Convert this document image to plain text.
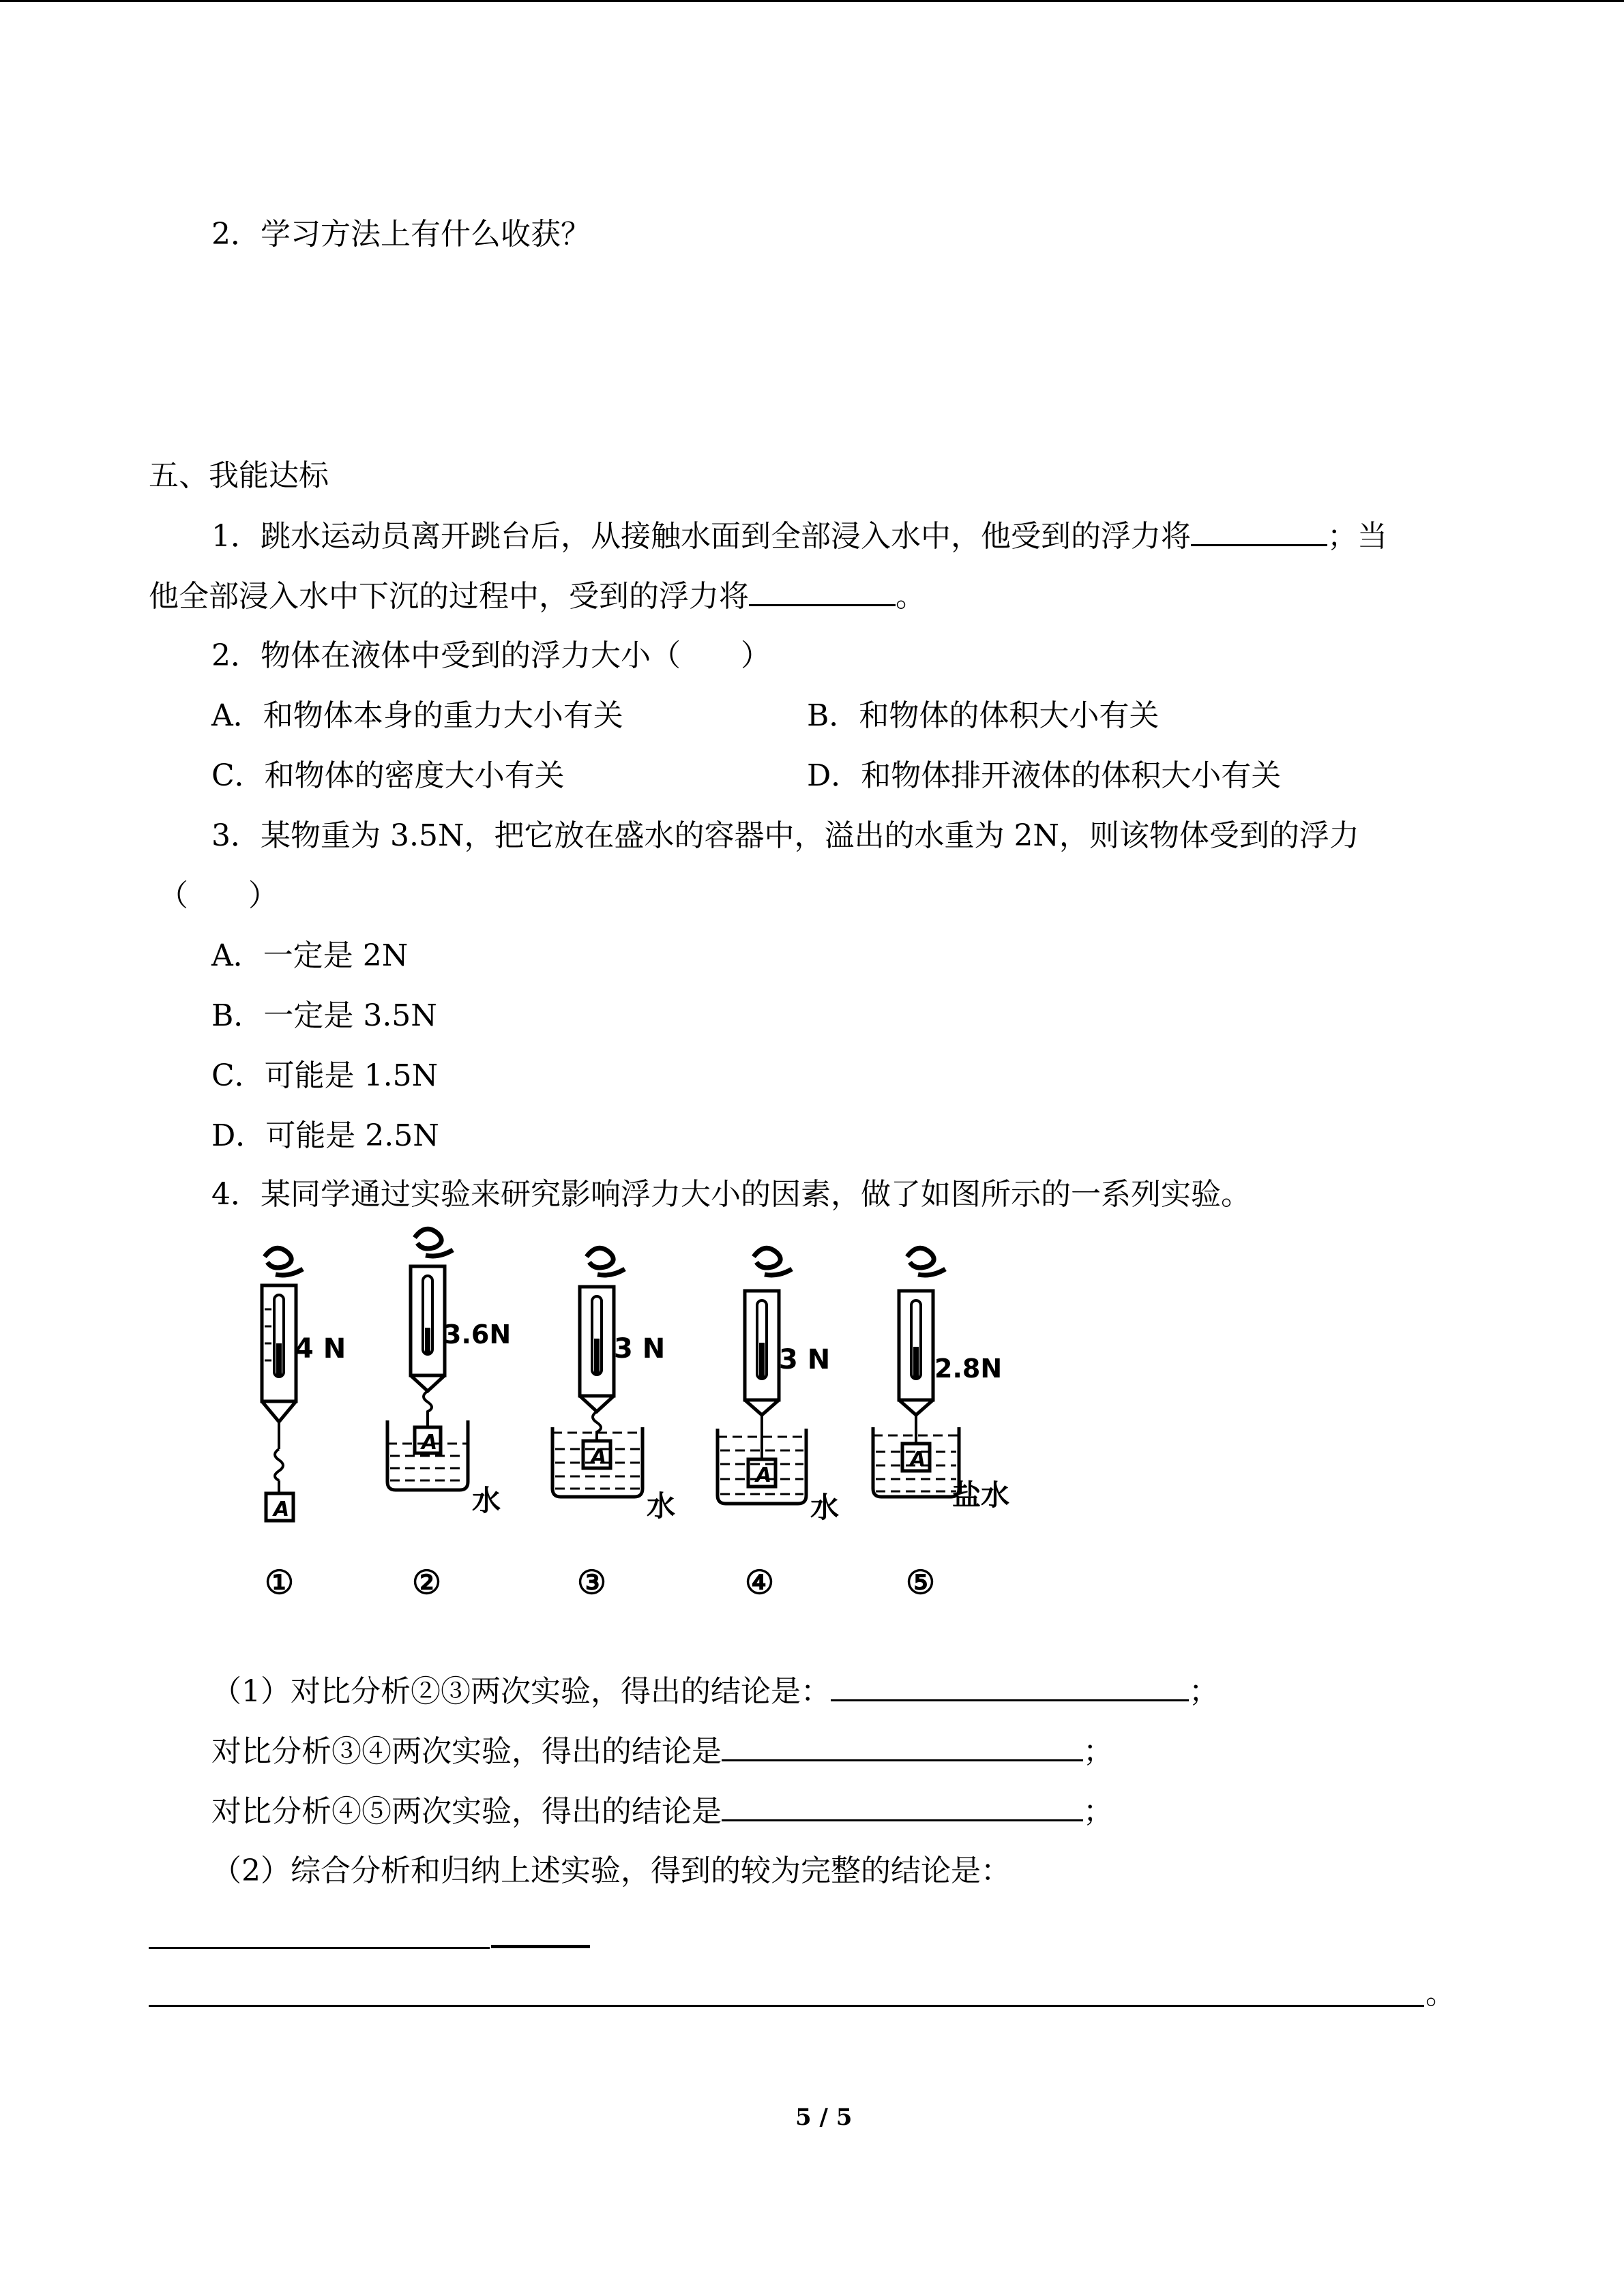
2．学习方法上有什么收获？
五、我能达标
1．跳水运动员离开跳台后，从接触水面到全部浸入水中，他受到的浮力将	；当
他全部浸入水中下沉的过程中，受到的浮力将	。
2．物体在液体中受到的浮力大小（　　）
A．和物体本身的重力大小有关	B．和物体的体积大小有关
C．和物体的密度大小有关	D．和物体排开液体的体积大小有关
3．某物重为 3.5N，把它放在盛水的容器中，溢出的水重为 2N，则该物体受到的浮力
（　　）
A．一定是 2N
B．一定是 3.5N
C．可能是 1.5N
D．可能是 2.5N
4．某同学通过实验来研究影响浮力大小的因素，做了如图所示的一系列实验。
4 N	3.6N	3 N	3 N	2.8N
A
A
A
A
A
水	水	水	盐水
①	②	③	④	⑤
（1）对比分析②③两次实验，得出的结论是：	；
对比分析③④两次实验，得出的结论是	；
对比分析④⑤两次实验，得出的结论是	；
（2）综合分析和归纳上述实验，得到的较为完整的结论是：
。
5 / 5
